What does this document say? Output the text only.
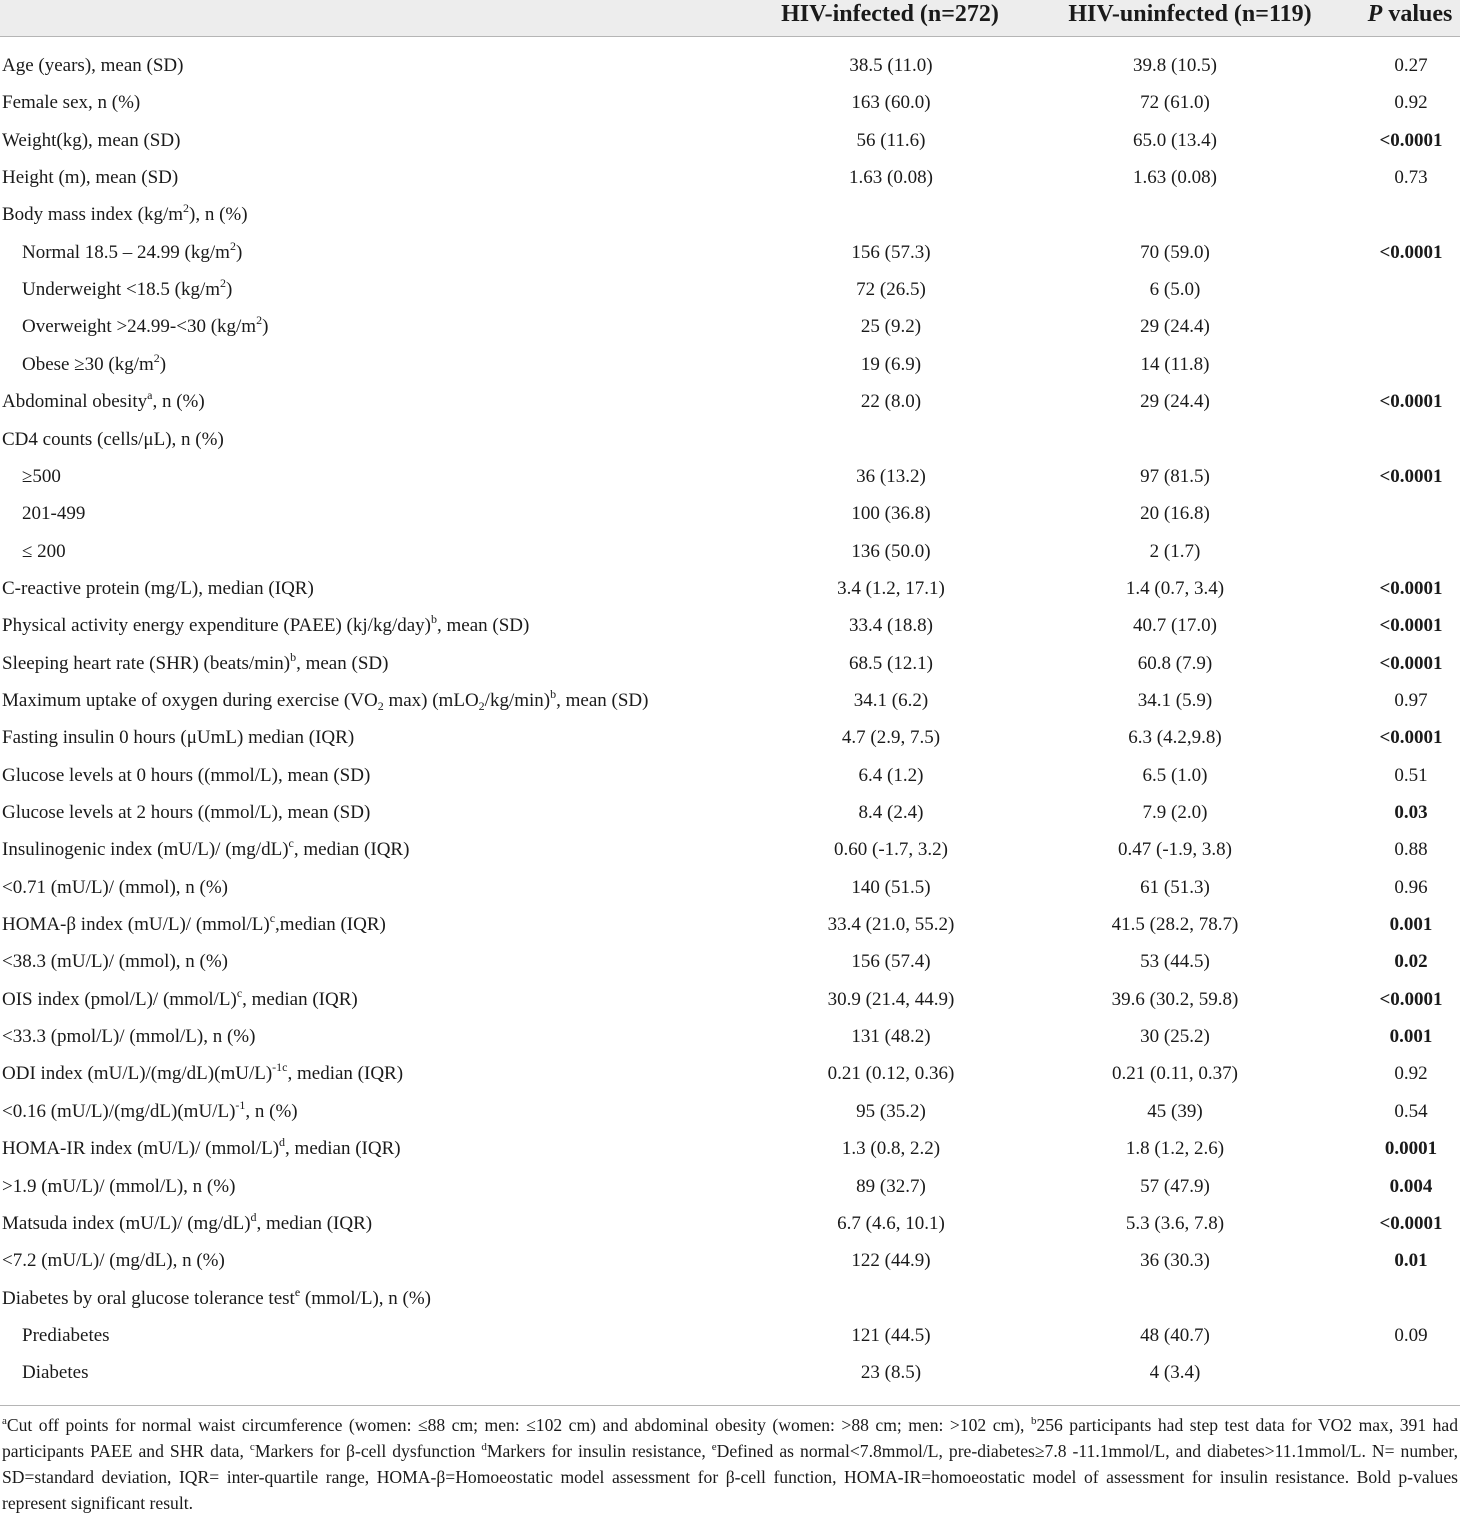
HIV-infected (n=272)	HIV-uninfected (n=119)	P values
Age (years), mean (SD)	38.5 (11.0)	39.8 (10.5)	0.27
Female sex, n (%)	163 (60.0)	72 (61.0)	0.92
Weight(kg), mean (SD)	56 (11.6)	65.0 (13.4)	<0.0001
Height (m), mean (SD)	1.63 (0.08)	1.63 (0.08)	0.73
Body mass index $(kg/m^2)$, n (%)
Normal 18.5 – 24.99 $(kg/m^2)$	156 (57.3)	70 (59.0)	<0.0001
Underweight <18.5 $(kg/m^2)$	72 (26.5)	6 (5.0)
Overweight >24.99-<30 $(kg/m^2)$	25 (9.2)	29 (24.4)
Obese ≥30 $(kg/m^2)$	19 (6.9)	14 (11.8)
Abdominal obesity$^a$, n (%)	22 (8.0)	29 (24.4)	<0.0001
CD4 counts (cells/μL), n (%)
≥500	36 (13.2)	97 (81.5)	<0.0001
201-499	100 (36.8)	20 (16.8)
≤ 200	136 (50.0)	2 (1.7)
C-reactive protein (mg/L), median (IQR)	3.4 (1.2, 17.1)	1.4 (0.7, 3.4)	<0.0001
Physical activity energy expenditure (PAEE) $(kj/kg/day)^b$, mean (SD)	33.4 (18.8)	40.7 (17.0)	<0.0001
Sleeping heart rate (SHR) (beats/min)$^b$, mean (SD)	68.5 (12.1)	60.8 (7.9)	<0.0001
Maximum uptake of oxygen during exercise ($VO_2$ max) $(mLO_2/kg/\min)^b$, mean (SD)	34.1 (6.2)	34.1 (5.9)	0.97
Fasting insulin 0 hours (μUmL) median (IQR)	4.7 (2.9, 7.5)	6.3 (4.2,9.8)	<0.0001
Glucose levels at 0 hours ((mmol/L), mean (SD)	6.4 (1.2)	6.5 (1.0)	0.51
Glucose levels at 2 hours ((mmol/L), mean (SD)	8.4 (2.4)	7.9 (2.0)	0.03
Insulinogenic index (mU/L)/ $(mg/dL)^c$, median (IQR)	0.60 (-1.7, 3.2)	0.47 (-1.9, 3.8)	0.88
<0.71 (mU/L)/ (mmol), n (%)	140 (51.5)	61 (51.3)	0.96
HOMA-β index (mU/L)/ (mmol/L)$^c$,median (IQR)	33.4 (21.0, 55.2)	41.5 (28.2, 78.7)	0.001
<38.3 (mU/L)/ (mmol), n (%)	156 (57.4)	53 (44.5)	0.02
OIS index (pmol/L)/ (mmol/L)$^c$, median (IQR)	30.9 (21.4, 44.9)	39.6 (30.2, 59.8)	<0.0001
<33.3 (pmol/L)/ (mmol/L), n (%)	131 (48.2)	30 (25.2)	0.001
ODI index $(mU/L)/(mg/dL)(mU/L)^{-1c}$, median (IQR)	0.21 (0.12, 0.36)	0.21 (0.11, 0.37)	0.92
<0.16 $(mU/L)/(mg/dL)(mU/L)^{-1}$, n (%)	95 (35.2)	45 (39)	0.54
HOMA-IR index (mU/L)/ (mmol/L)$^d$, median (IQR)	1.3 (0.8, 2.2)	1.8 (1.2, 2.6)	0.0001
>1.9 (mU/L)/ (mmol/L), n (%)	89 (32.7)	57 (47.9)	0.004
Matsuda index (mU/L)/ $(mg/dL)^d$, median (IQR)	6.7 (4.6, 10.1)	5.3 (3.6, 7.8)	<0.0001
<7.2 (mU/L)/ (mg/dL), n (%)	122 (44.9)	36 (30.3)	0.01
Diabetes by oral glucose tolerance test$^e$ (mmol/L), n (%)
Prediabetes	121 (44.5)	48 (40.7)	0.09
Diabetes	23 (8.5)	4 (3.4)
$^a$Cut off points for normal waist circumference (women: ≤88 cm; men: ≤102 cm) and abdominal obesity (women: >88 cm; men: >102 cm), $^b$256 participants had step test data for VO2 max, 391 had participants PAEE and SHR data, $^c$Markers for β-cell dysfunction $^d$Markers for insulin resistance, $^e$Defined as normal<7.8mmol/L, pre-diabetes≥7.8 -11.1mmol/L, and diabetes>11.1mmol/L. N= number, SD=standard deviation, IQR= inter-quartile range, HOMA-β=Homoeostatic model assessment for β-cell function, HOMA-IR=homoeostatic model of assessment for insulin resistance. Bold p-values represent significant result.
